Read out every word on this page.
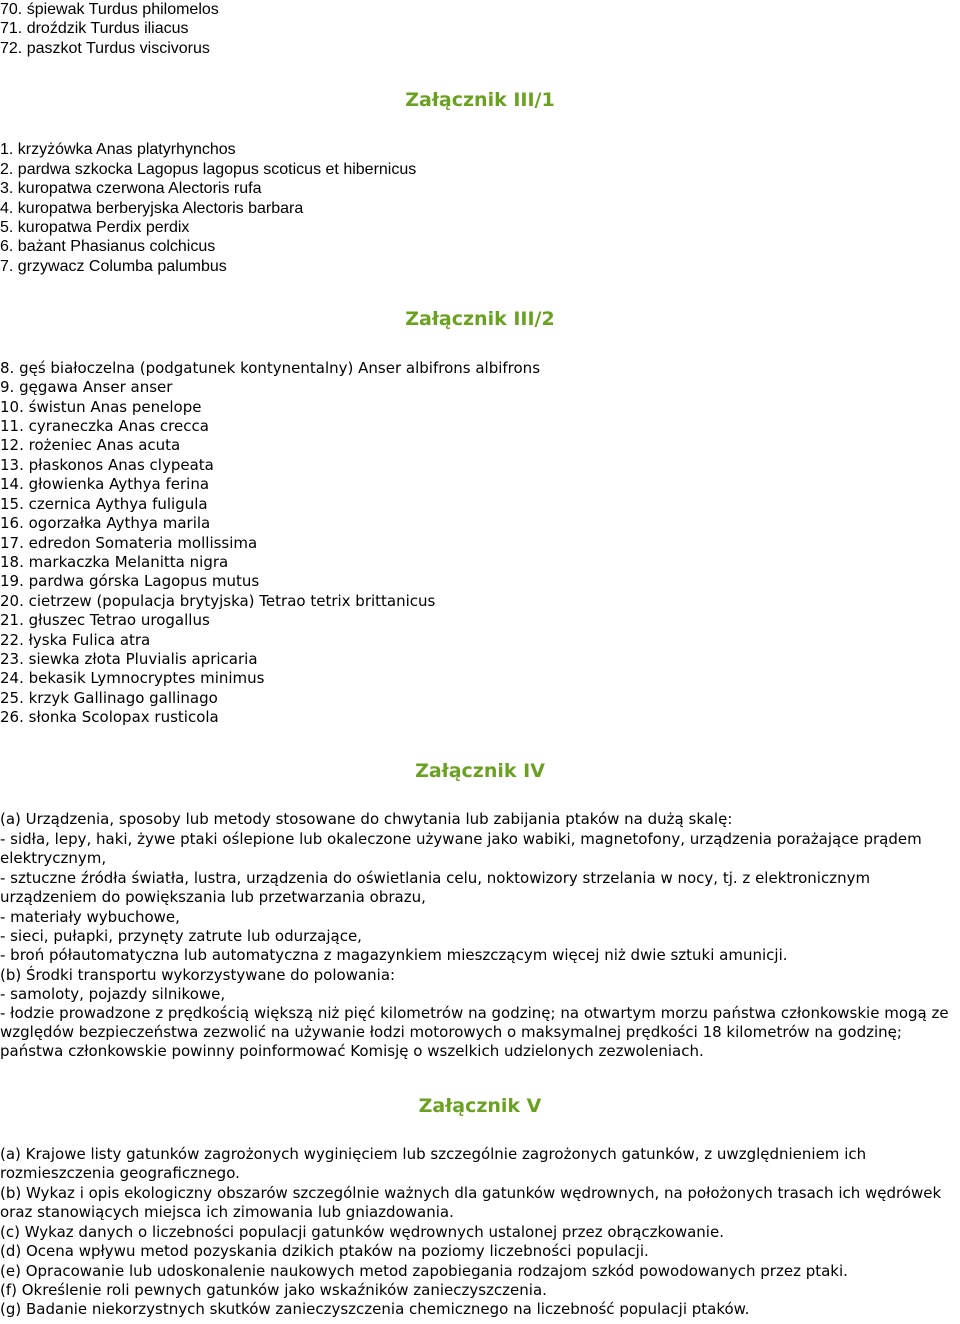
70. śpiewak Turdus philomelos
71. droździk Turdus iliacus
72. paszkot Turdus viscivorus
Załącznik III/1
1. krzyżówka Anas platyrhynchos
2. pardwa szkocka Lagopus lagopus scoticus et hibernicus
3. kuropatwa czerwona Alectoris rufa
4. kuropatwa berberyjska Alectoris barbara
5. kuropatwa Perdix perdix
6. bażant Phasianus colchicus
7. grzywacz Columba palumbus
Załącznik III/2
8. gęś białoczelna (podgatunek kontynentalny) Anser albifrons albifrons
9. gęgawa Anser anser
10. świstun Anas penelope
11. cyraneczka Anas crecca
12. rożeniec Anas acuta
13. płaskonos Anas clypeata
14. głowienka Aythya ferina
15. czernica Aythya fuligula
16. ogorzałka Aythya marila
17. edredon Somateria mollissima
18. markaczka Melanitta nigra
19. pardwa górska Lagopus mutus
20. cietrzew (populacja brytyjska) Tetrao tetrix brittanicus
21. głuszec Tetrao urogallus
22. łyska Fulica atra
23. siewka złota Pluvialis apricaria
24. bekasik Lymnocryptes minimus
25. krzyk Gallinago gallinago
26. słonka Scolopax rusticola
Załącznik IV
(a) Urządzenia, sposoby lub metody stosowane do chwytania lub zabijania ptaków na dużą skalę:
- sidła, lepy, haki, żywe ptaki oślepione lub okaleczone używane jako wabiki, magnetofony, urządzenia porażające prądem elektrycznym,
- sztuczne źródła światła, lustra, urządzenia do oświetlania celu, noktowizory strzelania w nocy, tj. z elektronicznym urządzeniem do powiększania lub przetwarzania obrazu,
- materiały wybuchowe,
- sieci, pułapki, przynęty zatrute lub odurzające,
- broń półautomatyczna lub automatyczna z magazynkiem mieszczącym więcej niż dwie sztuki amunicji.
(b) Środki transportu wykorzystywane do polowania:
- samoloty, pojazdy silnikowe,
- łodzie prowadzone z prędkością większą niż pięć kilometrów na godzinę; na otwartym morzu państwa członkowskie mogą ze względów bezpieczeństwa zezwolić na używanie łodzi motorowych o maksymalnej prędkości 18 kilometrów na godzinę; państwa członkowskie powinny poinformować Komisję o wszelkich udzielonych zezwoleniach.
Załącznik V
(a) Krajowe listy gatunków zagrożonych wyginięciem lub szczególnie zagrożonych gatunków, z uwzględnieniem ich rozmieszczenia geograficznego.
(b) Wykaz i opis ekologiczny obszarów szczególnie ważnych dla gatunków wędrownych, na położonych trasach ich wędrówek oraz stanowiących miejsca ich zimowania lub gniazdowania.
(c) Wykaz danych o liczebności populacji gatunków wędrownych ustalonej przez obrączkowanie.
(d) Ocena wpływu metod pozyskania dzikich ptaków na poziomy liczebności populacji.
(e) Opracowanie lub udoskonalenie naukowych metod zapobiegania rodzajom szkód powodowanych przez ptaki.
(f) Określenie roli pewnych gatunków jako wskaźników zanieczyszczenia.
(g) Badanie niekorzystnych skutków zanieczyszczenia chemicznego na liczebność populacji ptaków.
